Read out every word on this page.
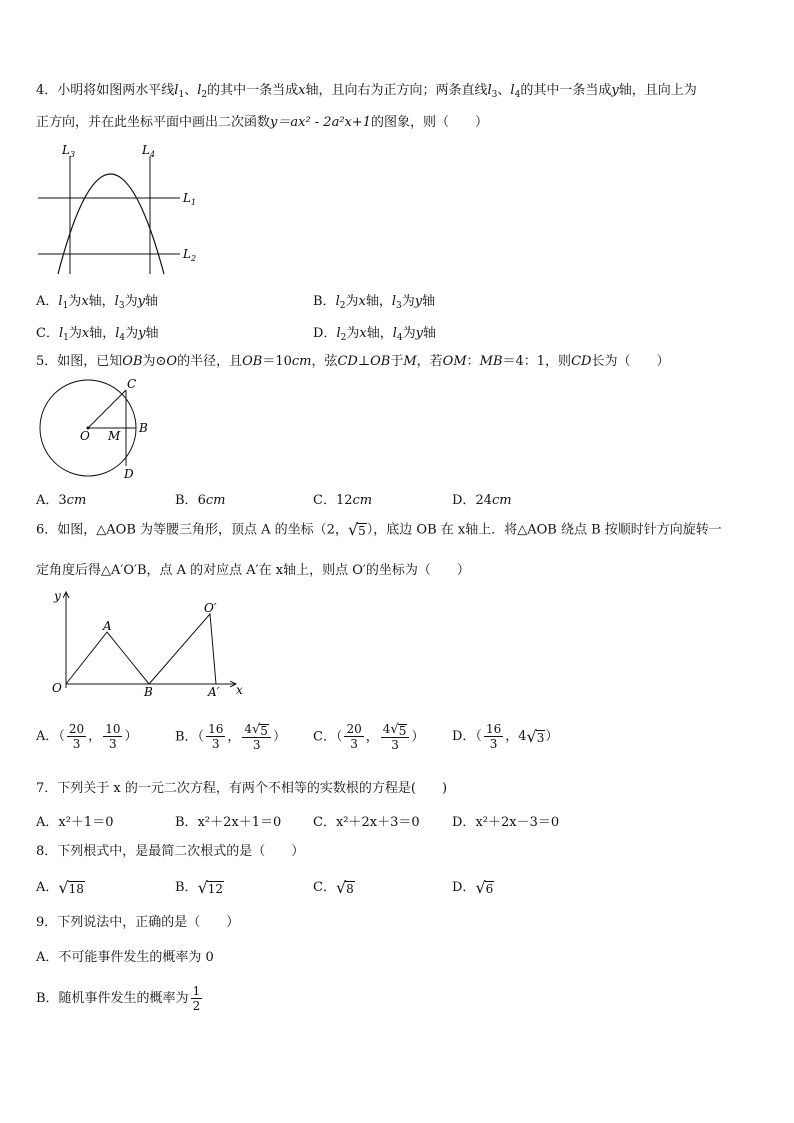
4．小明将如图两水平线$l_1$、$l_2$的其中一条当成x轴，且向右为正方向；两条直线$l_3$、$l_4$的其中一条当成y轴，且向上为
正方向，并在此坐标平面中画出二次函数y＝ax² - 2a²x+1的图象，则（　　）
$L_3$	$L_4$
$L_1$
$L_2$
A．$l_1$为x轴，$l_3$为y轴	B．$l_2$为x轴，$l_3$为y轴
C．$l_1$为x轴，$l_4$为y轴	D．$l_2$为x轴，$l_4$为y轴
5．如图，已知OB为⊙O的半径，且OB＝10cm，弦CD⊥OB于M，若OM：MB＝4：1，则CD长为（　　）
C
O M
B
D
A．3cm	B．6cm	C．12cm	D．24cm
6．如图，△AOB 为等腰三角形，顶点 A 的坐标（2， √ 5 ），底边 OB 在 x轴上．将△AOB 绕点 B 按顺时针方向旋转一
定角度后得△A′O′B，点 A 的对应点 A′在 x轴上，则点 O′的坐标为（　　）
y
x
O
A
B
O′
A′
A．（ $\frac{20}{3}$ ， $\frac{10}{3}$ ）	B．（ $\frac{16}{3}$ ， $\frac{4 √ 5}{3}$ ） C．（ $\frac{20}{3}$ ， $\frac{4 √ 5}{3}$ ） D．（ $\frac{16}{3}$ ，4 √ 3 ）
7．下列关于 x 的一元二次方程，有两个不相等的实数根的方程是(　　)
A．x²＋1＝0	B．x²＋2x＋1＝0 C．x²＋2x＋3＝0 D．x²＋2x－3＝0
8．下列根式中，是最简二次根式的是（　　）
A． √ 18	B． √ 12	C． √ 8	D． √ 6
9．下列说法中，正确的是（　　）
A．不可能事件发生的概率为 0
B．随机事件发生的概率为 $\frac{1}{2}$
